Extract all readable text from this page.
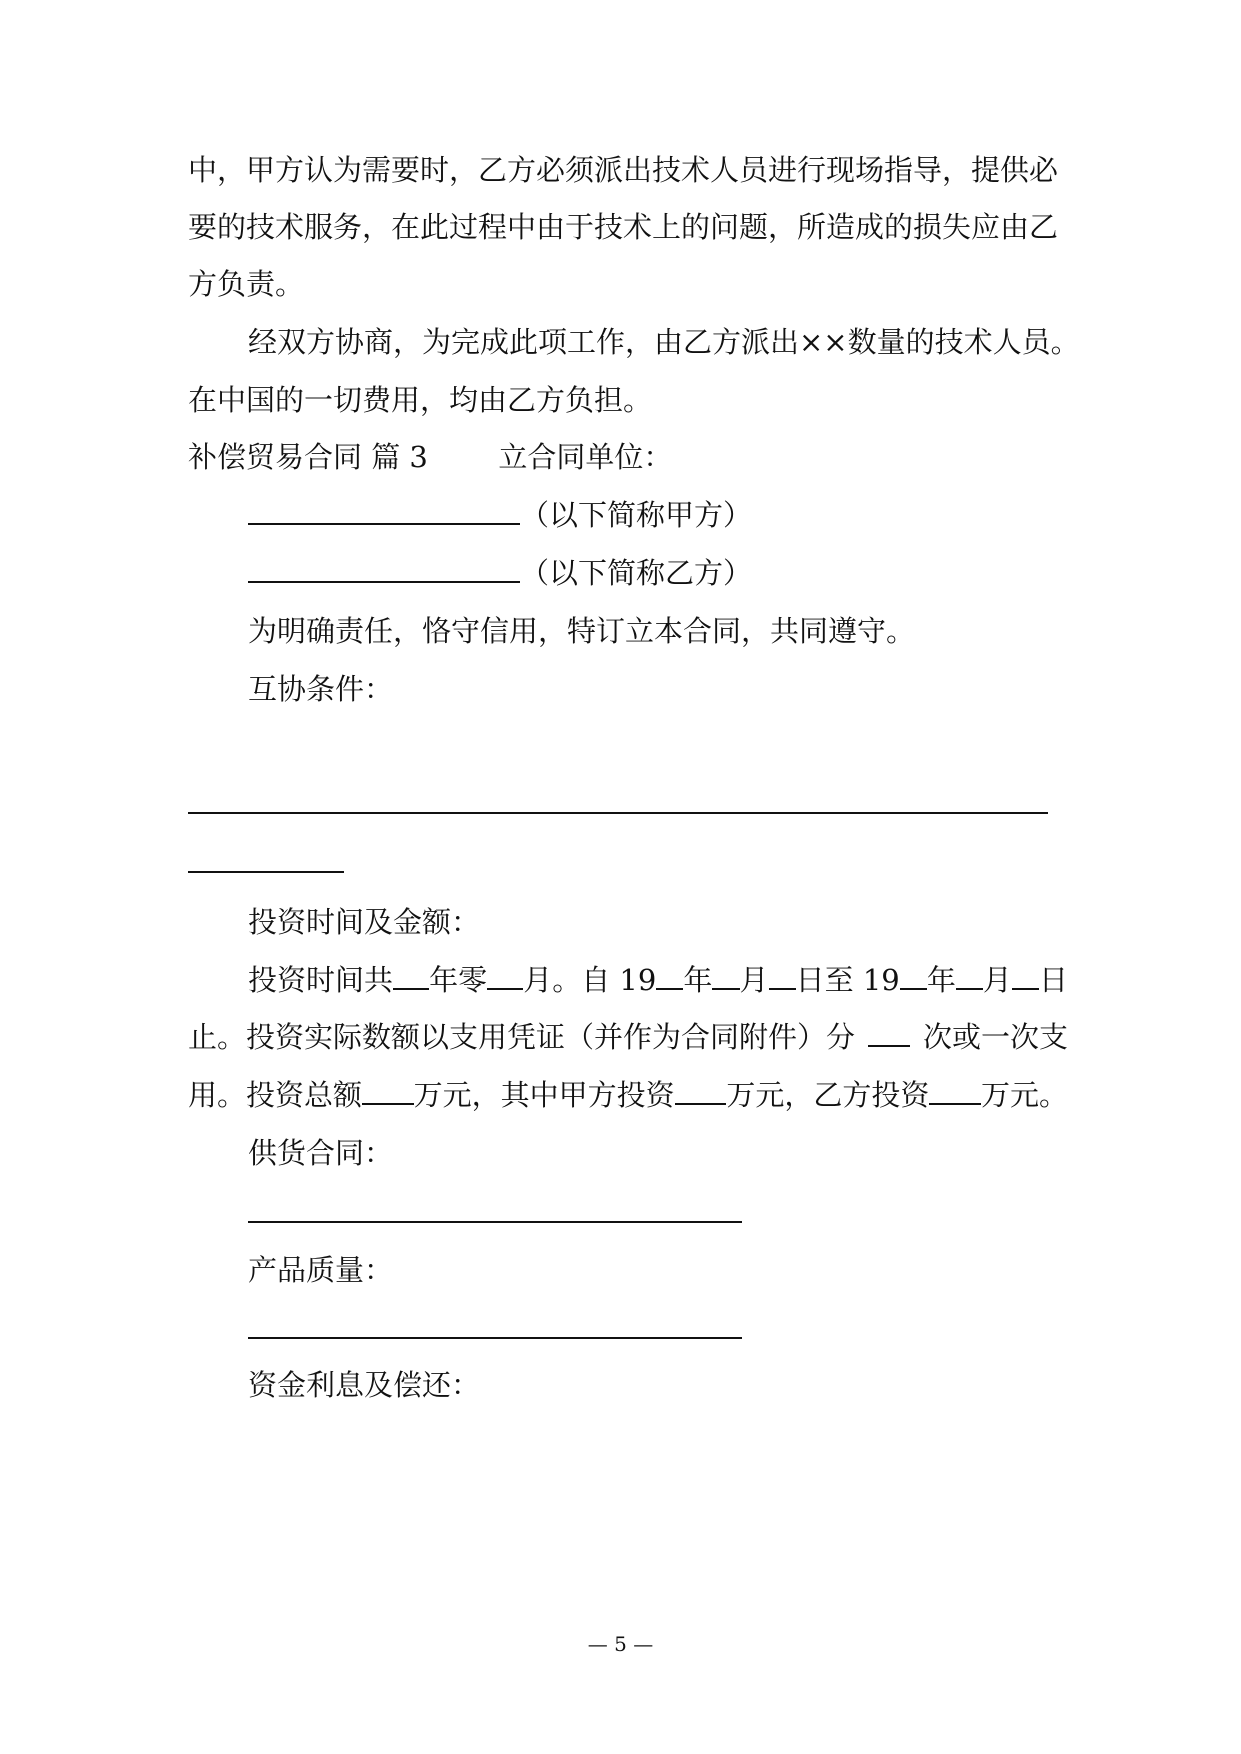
中，甲方认为需要时，乙方必须派出技术人员进行现场指导，提供必
要的技术服务，在此过程中由于技术上的问题，所造成的损失应由乙
方负责。
经双方协商，为完成此项工作，由乙方派出××数量的技术人员。
在中国的一切费用，均由乙方负担。
补偿贸易合同 篇 3 立合同单位：
（以下简称甲方）
（以下简称乙方）
为明确责任，恪守信用，特订立本合同，共同遵守。
互协条件：
投资时间及金额：
投资时间共 年零 月。自 19 年 月 日至 19 年 月 日
止。投资实际数额以支用凭证（并作为合同附件）分 次或一次支
用。投资总额 万元，其中甲方投资 万元，乙方投资 万元。
供货合同：
产品质量：
资金利息及偿还：
— 5 —
